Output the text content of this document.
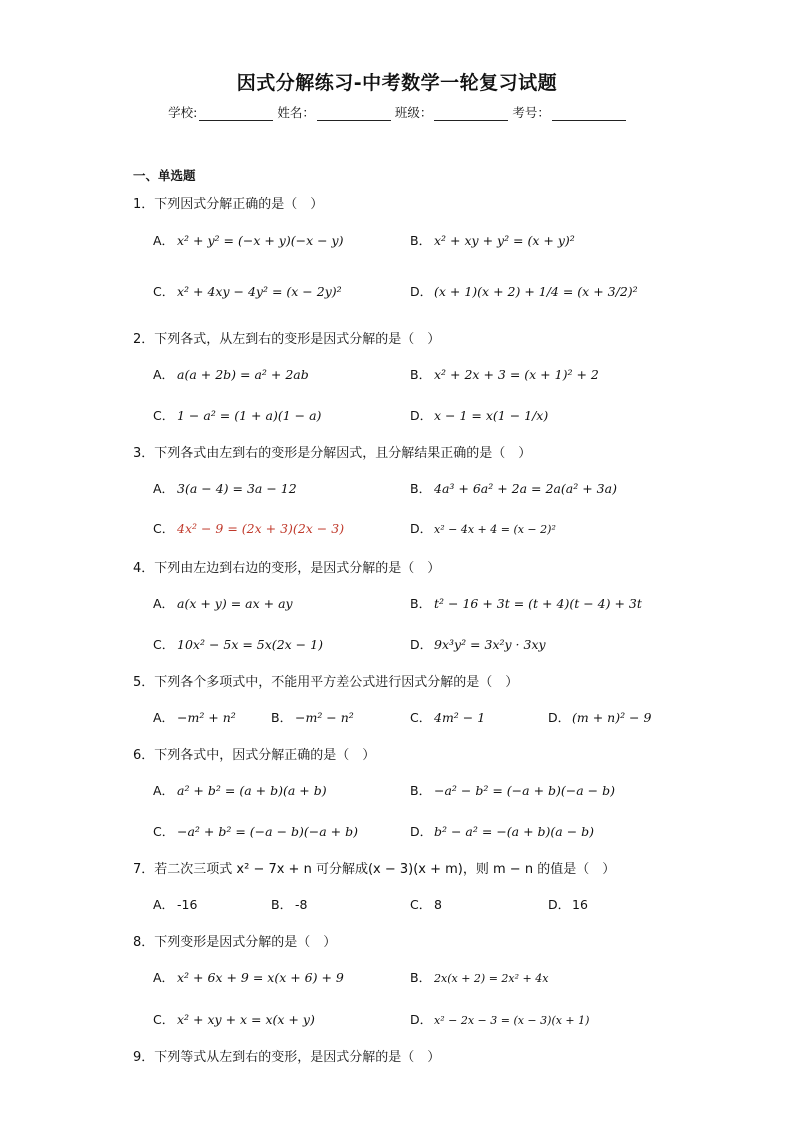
因式分解练习-中考数学一轮复习试题
学校:	姓名：	班级：	考号：
一、单选题
1．下列因式分解正确的是（　）
A． x² + y² = (−x + y)(−x − y)	B． x² + xy + y² = (x + y)²
C． x² + 4xy − 4y² = (x − 2y)²	D． (x + 1)(x + 2) + 1/4 = (x + 3/2)²
2．下列各式，从左到右的变形是因式分解的是（　）
A． a(a + 2b) = a² + 2ab	B． x² + 2x + 3 = (x + 1)² + 2
C． 1 − a² = (1 + a)(1 − a)	D． x − 1 = x(1 − 1/x)
3．下列各式由左到右的变形是分解因式，且分解结果正确的是（　）
A． 3(a − 4) = 3a − 12	B． 4a³ + 6a² + 2a = 2a(a² + 3a)
C． 4x² − 9 = (2x + 3)(2x − 3)	D． x² − 4x + 4 = (x − 2)²
4．下列由左边到右边的变形，是因式分解的是（　）
A． a(x + y) = ax + ay	B． t² − 16 + 3t = (t + 4)(t − 4) + 3t
C． 10x² − 5x = 5x(2x − 1)	D． 9x³y² = 3x²y · 3xy
5．下列各个多项式中，不能用平方差公式进行因式分解的是（　）
A． −m² + n²	B． −m² − n²	C． 4m² − 1	D． (m + n)² − 9
6．下列各式中，因式分解正确的是（　）
A． a² + b² = (a + b)(a + b)	B． −a² − b² = (−a + b)(−a − b)
C． −a² + b² = (−a − b)(−a + b)	D． b² − a² = −(a + b)(a − b)
7．若二次三项式 x² − 7x + n 可分解成(x − 3)(x + m)，则 m − n 的值是（　）
A． -16	B． -8	C． 8	D． 16
8．下列变形是因式分解的是（　）
A． x² + 6x + 9 = x(x + 6) + 9	B． 2x(x + 2) = 2x² + 4x
C． x² + xy + x = x(x + y)	D． x² − 2x − 3 = (x − 3)(x + 1)
9．下列等式从左到右的变形，是因式分解的是（　）
